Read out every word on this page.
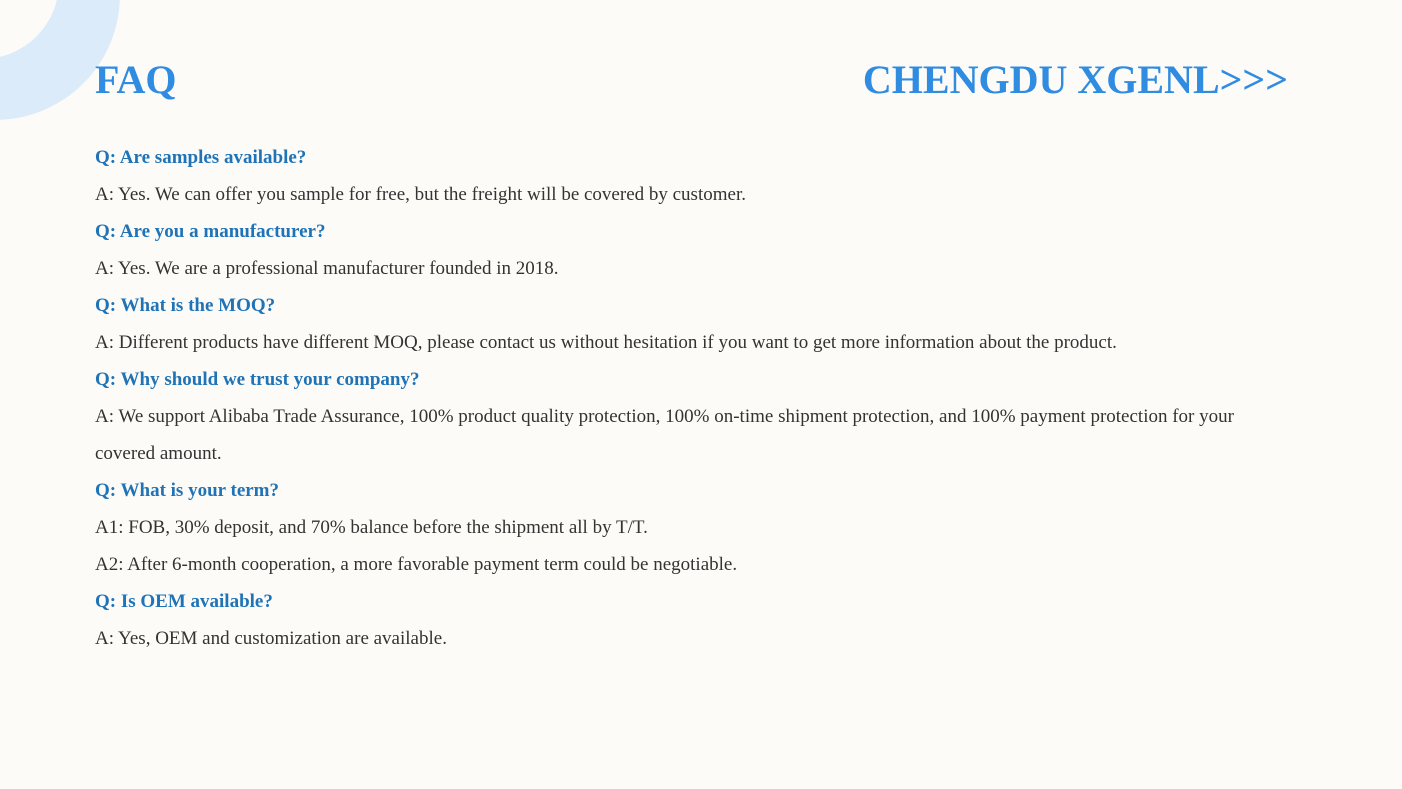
FAQ	CHENGDU XGENL>>>

Q: Are samples available?

A: Yes. We can offer you sample for free, but the freight will be covered by customer.

Q: Are you a manufacturer?

A: Yes. We are a professional manufacturer founded in 2018.

Q: What is the MOQ?

A: Different products have different MOQ, please contact us without hesitation if you want to get more information about the product.

Q: Why should we trust your company?

A: We support Alibaba Trade Assurance, 100% product quality protection, 100% on-time shipment protection, and 100% payment protection for your covered amount.

Q: What is your term?

A1: FOB, 30% deposit, and 70% balance before the shipment all by T/T.

A2: After 6-month cooperation, a more favorable payment term could be negotiable.

Q: Is OEM available?

A: Yes, OEM and customization are available.
